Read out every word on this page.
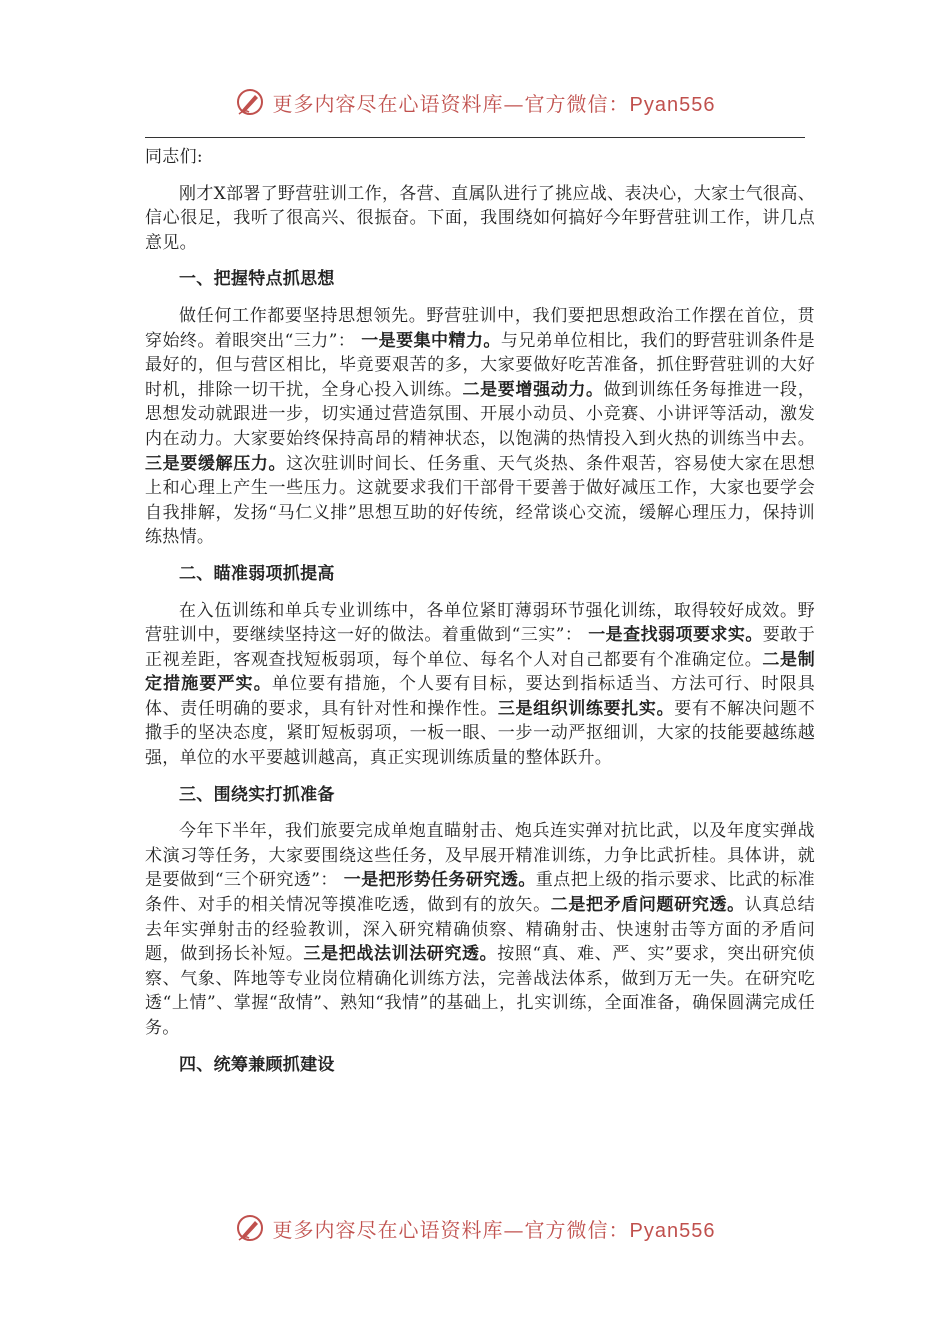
更多内容尽在心语资料库—官方微信：Pyan556

同志们:

刚才X部署了野营驻训工作，各营、直属队进行了挑应战、表决心，大家士气很高、信心很足，我听了很高兴、很振奋。下面，我围绕如何搞好今年野营驻训工作，讲几点意见。

一、把握特点抓思想

做任何工作都要坚持思想领先。野营驻训中，我们要把思想政治工作摆在首位，贯穿始终。着眼突出“三力”： 一是要集中精力。与兄弟单位相比，我们的野营驻训条件是最好的，但与营区相比，毕竟要艰苦的多，大家要做好吃苦准备，抓住野营驻训的大好时机，排除一切干扰，全身心投入训练。二是要增强动力。做到训练任务每推进一段，思想发动就跟进一步，切实通过营造氛围、开展小动员、小竞赛、小讲评等活动，激发内在动力。大家要始终保持高昂的精神状态，以饱满的热情投入到火热的训练当中去。三是要缓解压力。这次驻训时间长、任务重、天气炎热、条件艰苦，容易使大家在思想上和心理上产生一些压力。这就要求我们干部骨干要善于做好减压工作，大家也要学会自我排解，发扬“马仁义排”思想互助的好传统，经常谈心交流，缓解心理压力，保持训练热情。

二、瞄准弱项抓提高

在入伍训练和单兵专业训练中，各单位紧盯薄弱环节强化训练，取得较好成效。野营驻训中，要继续坚持这一好的做法。着重做到“三实”： 一是查找弱项要求实。要敢于正视差距，客观查找短板弱项，每个单位、每名个人对自己都要有个准确定位。二是制定措施要严实。单位要有措施，个人要有目标，要达到指标适当、方法可行、时限具体、责任明确的要求，具有针对性和操作性。三是组织训练要扎实。要有不解决问题不撒手的坚决态度，紧盯短板弱项，一板一眼、一步一动严抠细训，大家的技能要越练越强，单位的水平要越训越高，真正实现训练质量的整体跃升。

三、围绕实打抓准备

今年下半年，我们旅要完成单炮直瞄射击、炮兵连实弹对抗比武，以及年度实弹战术演习等任务，大家要围绕这些任务，及早展开精准训练，力争比武折桂。具体讲，就是要做到“三个研究透”： 一是把形势任务研究透。重点把上级的指示要求、比武的标准条件、对手的相关情况等摸准吃透，做到有的放矢。二是把矛盾问题研究透。认真总结去年实弹射击的经验教训，深入研究精确侦察、精确射击、快速射击等方面的矛盾问题，做到扬长补短。三是把战法训法研究透。按照“真、难、严、实”要求，突出研究侦察、气象、阵地等专业岗位精确化训练方法，完善战法体系，做到万无一失。在研究吃透“上情”、掌握“敌情”、熟知“我情”的基础上，扎实训练，全面准备，确保圆满完成任务。

四、统筹兼顾抓建设

更多内容尽在心语资料库—官方微信：Pyan556
